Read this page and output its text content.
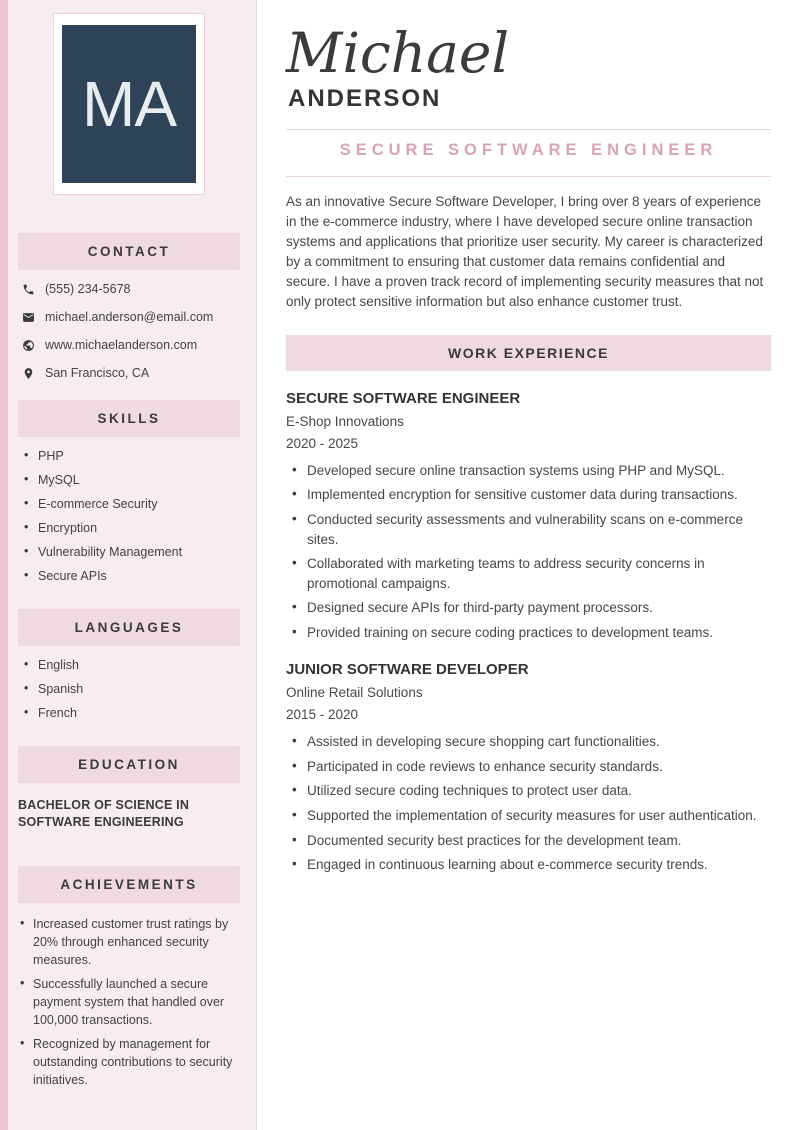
MA
CONTACT
(555) 234-5678
michael.anderson@email.com
www.michaelanderson.com
San Francisco, CA
SKILLS
• PHP
• MySQL
• E-commerce Security
• Encryption
• Vulnerability Management
• Secure APIs
LANGUAGES
• English
• Spanish
• French
EDUCATION
BACHELOR OF SCIENCE IN SOFTWARE ENGINEERING
ACHIEVEMENTS
• Increased customer trust ratings by 20% through enhanced security measures.
• Successfully launched a secure payment system that handled over 100,000 transactions.
• Recognized by management for outstanding contributions to security initiatives.
Michael
ANDERSON
SECURE SOFTWARE ENGINEER

As an innovative Secure Software Developer, I bring over 8 years of experience in the e-commerce industry, where I have developed secure online transaction systems and applications that prioritize user security. My career is characterized by a commitment to ensuring that customer data remains confidential and secure. I have a proven track record of implementing security measures that not only protect sensitive information but also enhance customer trust.

WORK EXPERIENCE
SECURE SOFTWARE ENGINEER

E-Shop Innovations

2020 - 2025

• Developed secure online transaction systems using PHP and MySQL.
• Implemented encryption for sensitive customer data during transactions.
• Conducted security assessments and vulnerability scans on e-commerce sites.
• Collaborated with marketing teams to address security concerns in promotional campaigns.
• Designed secure APIs for third-party payment processors.
• Provided training on secure coding practices to development teams.
JUNIOR SOFTWARE DEVELOPER

Online Retail Solutions

2015 - 2020

• Assisted in developing secure shopping cart functionalities.
• Participated in code reviews to enhance security standards.
• Utilized secure coding techniques to protect user data.
• Supported the implementation of security measures for user authentication.
• Documented security best practices for the development team.
• Engaged in continuous learning about e-commerce security trends.
